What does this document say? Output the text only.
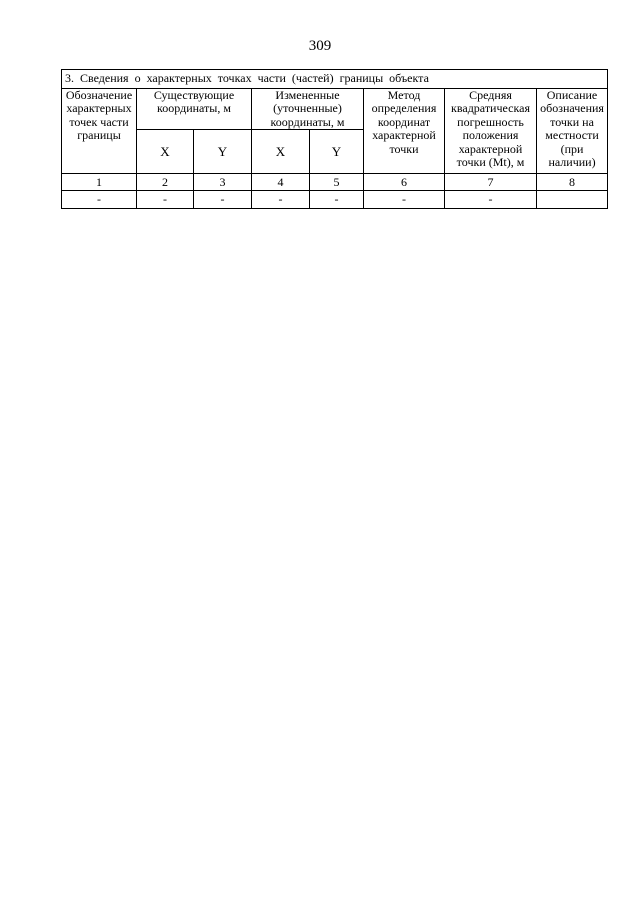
309
3. Сведения о характерных точках части (частей) границы объекта							
Обозначение характерных точек части границы	Существующие координаты, м		Измененные (уточненные) координаты, м		Метод определения координат характерной точки	Средняя квадратическая погрешность положения характерной точки (Mt), м	Описание обозначения точки на местности (при наличии)
	X	Y	X	Y			
1	2	3	4	5	6	7	8
-	-	-	-	-	-	-	
